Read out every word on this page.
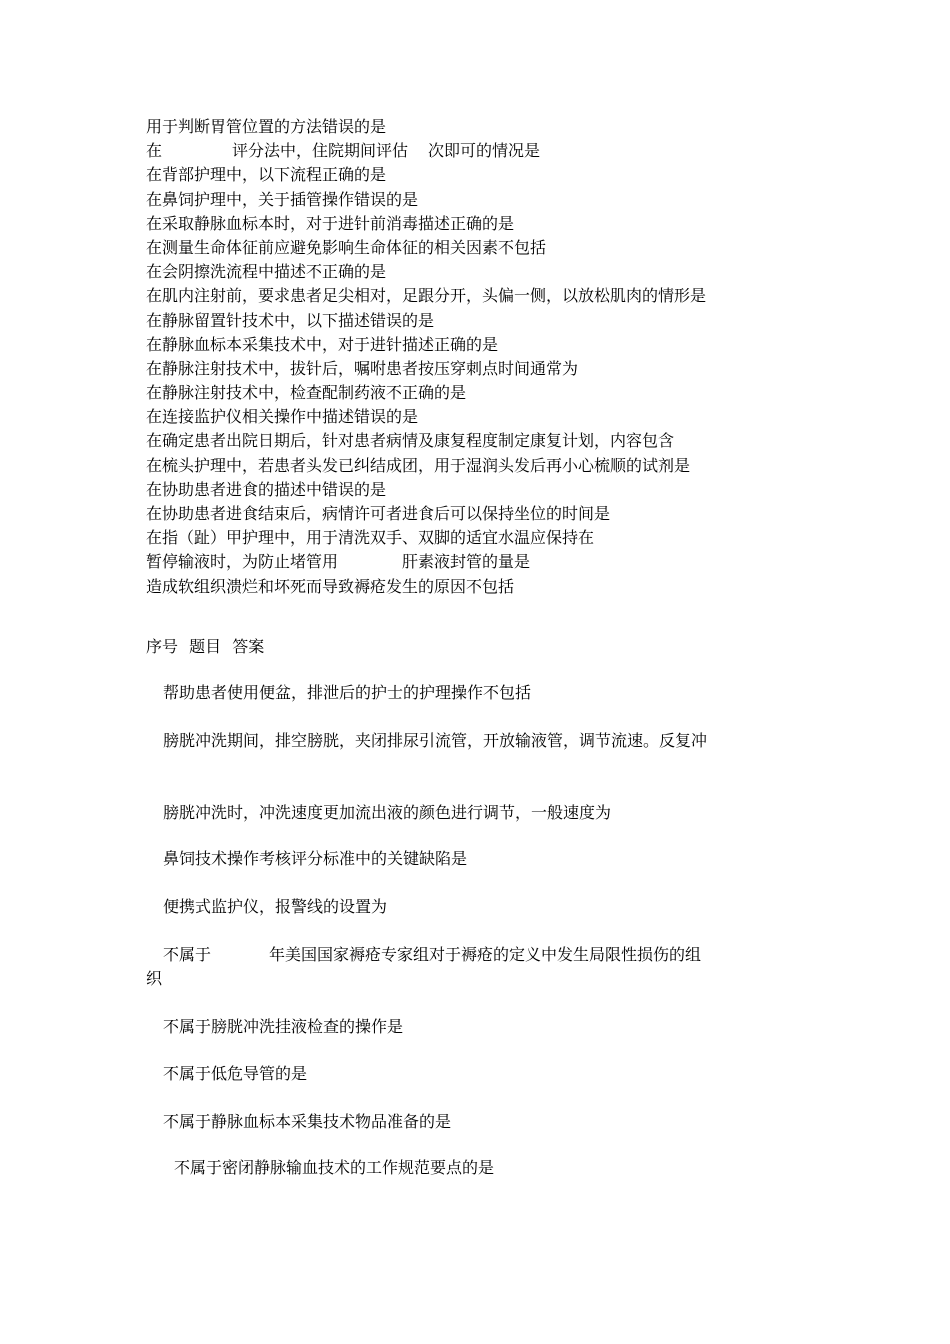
用于判断胃管位置的方法错误的是
在	评分法中，住院期间评估 次即可的情况是
在背部护理中，以下流程正确的是
在鼻饲护理中，关于插管操作错误的是
在采取静脉血标本时，对于进针前消毒描述正确的是
在测量生命体征前应避免影响生命体征的相关因素不包括
在会阴擦洗流程中描述不正确的是
在肌内注射前，要求患者足尖相对，足跟分开，头偏一侧，以放松肌肉的情形是
在静脉留置针技术中，以下描述错误的是
在静脉血标本采集技术中，对于进针描述正确的是
在静脉注射技术中，拔针后，嘱咐患者按压穿刺点时间通常为
在静脉注射技术中，检查配制药液不正确的是
在连接监护仪相关操作中描述错误的是
在确定患者出院日期后，针对患者病情及康复程度制定康复计划，内容包含
在梳头护理中，若患者头发已纠结成团，用于湿润头发后再小心梳顺的试剂是
在协助患者进食的描述中错误的是
在协助患者进食结束后，病情许可者进食后可以保持坐位的时间是
在指（趾）甲护理中，用于清洗双手、双脚的适宜水温应保持在
暂停输液时，为防止堵管用	肝素液封管的量是
造成软组织溃烂和坏死而导致褥疮发生的原因不包括
序号 题目 答案
帮助患者使用便盆，排泄后的护士的护理操作不包括
膀胱冲洗期间，排空膀胱，夹闭排尿引流管，开放输液管，调节流速。反复冲
膀胱冲洗时，冲洗速度更加流出液的颜色进行调节，一般速度为
鼻饲技术操作考核评分标准中的关键缺陷是
便携式监护仪，报警线的设置为
不属于	年美国国家褥疮专家组对于褥疮的定义中发生局限性损伤的组
织
不属于膀胱冲洗挂液检查的操作是
不属于低危导管的是
不属于静脉血标本采集技术物品准备的是
不属于密闭静脉输血技术的工作规范要点的是
